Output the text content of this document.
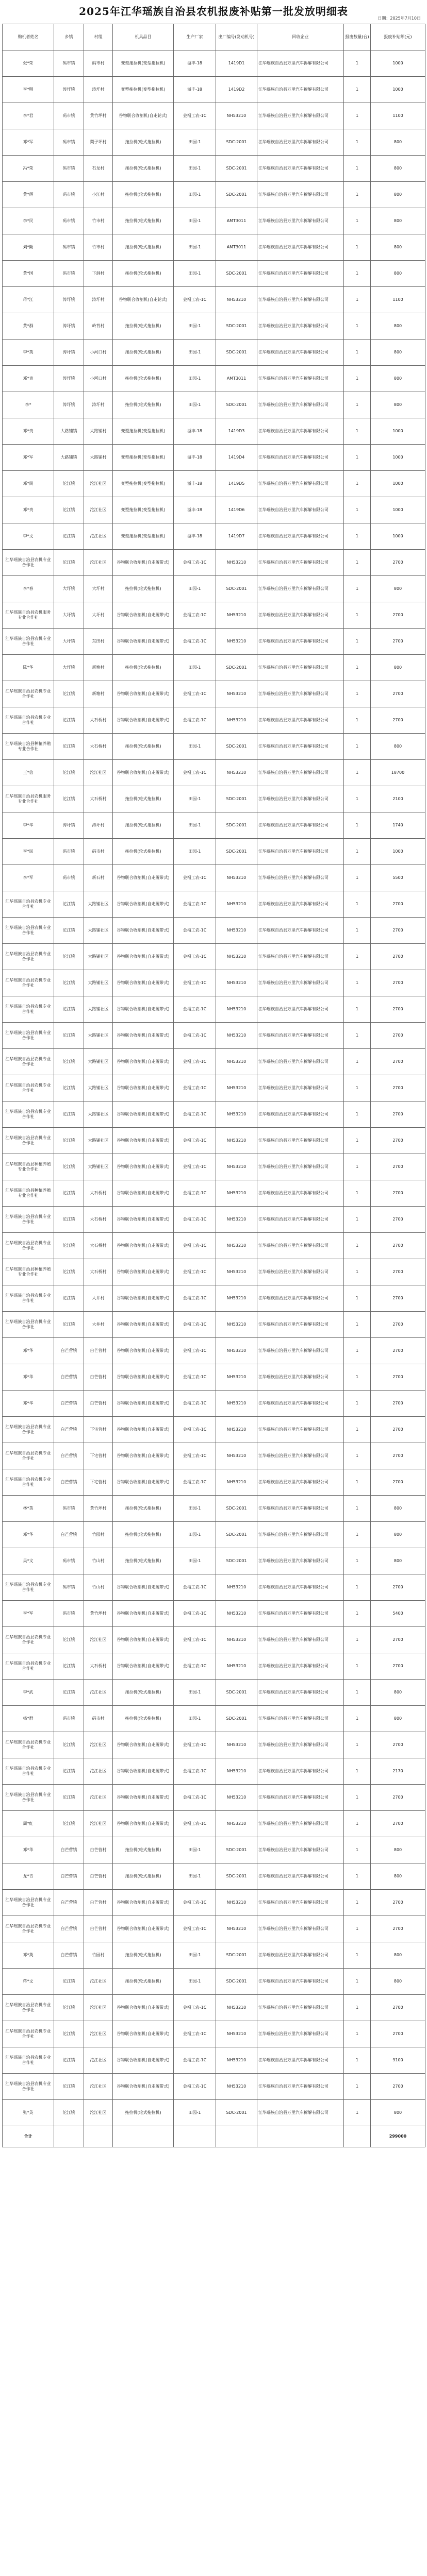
2025年江华瑶族自治县农机报废补贴第一批发放明细表
日期：2025年7月10日
购机者姓名	乡镇	村组	机具品目	生产厂家	出厂编号(发动机号)	回收企业	报废数量(台)	报废补贴额(元)
张*荣	码市镇	码市村	变型拖拉机(变型拖拉机)	溢丰-18	1419D1	江华瑶族自治县万里汽车拆解有限公司	1	1000
李*明	涛圩镇	涛圩村	变型拖拉机(变型拖拉机)	溢丰-18	1419D2	江华瑶族自治县万里汽车拆解有限公司	1	1000
李*君	码市镇	黄竹坪村	谷物联合收割机(自走轮式)	金福工农-1C	NH53210	江华瑶族自治县万里汽车拆解有限公司	1	1100
邓*军	码市镇	梨子坪村	拖拉机(轮式拖拉机)	田园-1	SDC-2001	江华瑶族自治县万里汽车拆解有限公司	1	800
冯*荣	码市镇	石龙村	拖拉机(轮式拖拉机)	田园-1	SDC-2001	江华瑶族自治县万里汽车拆解有限公司	1	800
黄*辉	码市镇	小江村	拖拉机(轮式拖拉机)	田园-1	SDC-2001	江华瑶族自治县万里汽车拆解有限公司	1	800
李*民	码市镇	竹市村	拖拉机(轮式拖拉机)	田园-1	AMT3011	江华瑶族自治县万里汽车拆解有限公司	1	800
刘*勤	码市镇	竹市村	拖拉机(轮式拖拉机)	田园-1	AMT3011	江华瑶族自治县万里汽车拆解有限公司	1	800
黄*国	码市镇	下洞村	拖拉机(轮式拖拉机)	田园-1	SDC-2001	江华瑶族自治县万里汽车拆解有限公司	1	800
蒋*江	涛圩镇	涛圩村	谷物联合收割机(自走轮式)	金福工农-1C	NH53210	江华瑶族自治县万里汽车拆解有限公司	1	1100
黄*群	涛圩镇	岭背村	拖拉机(轮式拖拉机)	田园-1	SDC-2001	江华瑶族自治县万里汽车拆解有限公司	1	800
李*英	涛圩镇	小河口村	拖拉机(轮式拖拉机)	田园-1	SDC-2001	江华瑶族自治县万里汽车拆解有限公司	1	800
邓*贵	涛圩镇	小河口村	拖拉机(轮式拖拉机)	田园-1	AMT3011	江华瑶族自治县万里汽车拆解有限公司	1	800
李*	涛圩镇	涛圩村	拖拉机(轮式拖拉机)	田园-1	SDC-2001	江华瑶族自治县万里汽车拆解有限公司	1	800
邓*贵	大路铺镇	大路铺村	变型拖拉机(变型拖拉机)	溢丰-18	1419D3	江华瑶族自治县万里汽车拆解有限公司	1	1000
邓*军	大路铺镇	大路铺村	变型拖拉机(变型拖拉机)	溢丰-18	1419D4	江华瑶族自治县万里汽车拆解有限公司	1	1000
邓*民	沱江镇	沱江社区	变型拖拉机(变型拖拉机)	溢丰-18	1419D5	江华瑶族自治县万里汽车拆解有限公司	1	1000
邓*贵	沱江镇	沱江社区	变型拖拉机(变型拖拉机)	溢丰-18	1419D6	江华瑶族自治县万里汽车拆解有限公司	1	1000
李*文	沱江镇	沱江社区	变型拖拉机(变型拖拉机)	溢丰-18	1419D7	江华瑶族自治县万里汽车拆解有限公司	1	1000
江华瑶族自治县农机专业合作社	沱江镇	沱江社区	谷物联合收割机(自走履带式)	金福工农-1C	NH53210	江华瑶族自治县万里汽车拆解有限公司	1	2700
李*春	大圩镇	大圩村	拖拉机(轮式拖拉机)	田园-1	SDC-2001	江华瑶族自治县万里汽车拆解有限公司	1	800
江华瑶族自治县农机服务专业合作社	大圩镇	大圩村	谷物联合收割机(自走履带式)	金福工农-1C	NH53210	江华瑶族自治县万里汽车拆解有限公司	1	2700
江华瑶族自治县农机专业合作社	大圩镇	东田村	谷物联合收割机(自走履带式)	金福工农-1C	NH53210	江华瑶族自治县万里汽车拆解有限公司	1	2700
陈*华	大圩镇	新塘村	拖拉机(轮式拖拉机)	田园-1	SDC-2001	江华瑶族自治县万里汽车拆解有限公司	1	800
江华瑶族自治县农机专业合作社	沱江镇	新塘村	谷物联合收割机(自走履带式)	金福工农-1C	NH53210	江华瑶族自治县万里汽车拆解有限公司	1	2700
江华瑶族自治县农机专业合作社	沱江镇	大石桥村	谷物联合收割机(自走履带式)	金福工农-1C	NH53210	江华瑶族自治县万里汽车拆解有限公司	1	2700
江华瑶族自治县种植养殖专业合作社	沱江镇	大石桥村	拖拉机(轮式拖拉机)	田园-1	SDC-2001	江华瑶族自治县万里汽车拆解有限公司	1	800
王*信	沱江镇	沱江社区	谷物联合收割机(自走履带式)	金福工农-1C	NH53210	江华瑶族自治县万里汽车拆解有限公司	1	18700
江华瑶族自治县农机服务专业合作社	沱江镇	大石桥村	拖拉机(轮式拖拉机)	田园-1	SDC-2001	江华瑶族自治县万里汽车拆解有限公司	1	2100
李*华	涛圩镇	涛圩村	拖拉机(轮式拖拉机)	田园-1	SDC-2001	江华瑶族自治县万里汽车拆解有限公司	1	1740
李*民	码市镇	码市村	拖拉机(轮式拖拉机)	田园-1	SDC-2001	江华瑶族自治县万里汽车拆解有限公司	1	1000
李*军	码市镇	新石村	谷物联合收割机(自走履带式)	金福工农-1C	NH53210	江华瑶族自治县万里汽车拆解有限公司	1	5500
江华瑶族自治县农机专业合作社	沱江镇	大路铺社区	谷物联合收割机(自走履带式)	金福工农-1C	NH53210	江华瑶族自治县万里汽车拆解有限公司	1	2700
江华瑶族自治县农机专业合作社	沱江镇	大路铺社区	谷物联合收割机(自走履带式)	金福工农-1C	NH53210	江华瑶族自治县万里汽车拆解有限公司	1	2700
江华瑶族自治县农机专业合作社	沱江镇	大路铺社区	谷物联合收割机(自走履带式)	金福工农-1C	NH53210	江华瑶族自治县万里汽车拆解有限公司	1	2700
江华瑶族自治县农机专业合作社	沱江镇	大路铺社区	谷物联合收割机(自走履带式)	金福工农-1C	NH53210	江华瑶族自治县万里汽车拆解有限公司	1	2700
江华瑶族自治县农机专业合作社	沱江镇	大路铺社区	谷物联合收割机(自走履带式)	金福工农-1C	NH53210	江华瑶族自治县万里汽车拆解有限公司	1	2700
江华瑶族自治县农机专业合作社	沱江镇	大路铺社区	谷物联合收割机(自走履带式)	金福工农-1C	NH53210	江华瑶族自治县万里汽车拆解有限公司	1	2700
江华瑶族自治县农机专业合作社	沱江镇	大路铺社区	谷物联合收割机(自走履带式)	金福工农-1C	NH53210	江华瑶族自治县万里汽车拆解有限公司	1	2700
江华瑶族自治县农机专业合作社	沱江镇	大路铺社区	谷物联合收割机(自走履带式)	金福工农-1C	NH53210	江华瑶族自治县万里汽车拆解有限公司	1	2700
江华瑶族自治县农机专业合作社	沱江镇	大路铺社区	谷物联合收割机(自走履带式)	金福工农-1C	NH53210	江华瑶族自治县万里汽车拆解有限公司	1	2700
江华瑶族自治县农机专业合作社	沱江镇	大路铺社区	谷物联合收割机(自走履带式)	金福工农-1C	NH53210	江华瑶族自治县万里汽车拆解有限公司	1	2700
江华瑶族自治县种植养殖专业合作社	沱江镇	大路铺社区	谷物联合收割机(自走履带式)	金福工农-1C	NH53210	江华瑶族自治县万里汽车拆解有限公司	1	2700
江华瑶族自治县种植养殖专业合作社	沱江镇	大石桥村	谷物联合收割机(自走履带式)	金福工农-1C	NH53210	江华瑶族自治县万里汽车拆解有限公司	1	2700
江华瑶族自治县农机专业合作社	沱江镇	大石桥村	谷物联合收割机(自走履带式)	金福工农-1C	NH53210	江华瑶族自治县万里汽车拆解有限公司	1	2700
江华瑶族自治县农机专业合作社	沱江镇	大石桥村	谷物联合收割机(自走履带式)	金福工农-1C	NH53210	江华瑶族自治县万里汽车拆解有限公司	1	2700
江华瑶族自治县种植养殖专业合作社	沱江镇	大石桥村	谷物联合收割机(自走履带式)	金福工农-1C	NH53210	江华瑶族自治县万里汽车拆解有限公司	1	2700
江华瑶族自治县农机专业合作社	沱江镇	大井村	谷物联合收割机(自走履带式)	金福工农-1C	NH53210	江华瑶族自治县万里汽车拆解有限公司	1	2700
江华瑶族自治县农机专业合作社	沱江镇	大井村	谷物联合收割机(自走履带式)	金福工农-1C	NH53210	江华瑶族自治县万里汽车拆解有限公司	1	2700
邓*华	白芒营镇	白芒营村	谷物联合收割机(自走履带式)	金福工农-1C	NH53210	江华瑶族自治县万里汽车拆解有限公司	1	2700
邓*华	白芒营镇	白芒营村	谷物联合收割机(自走履带式)	金福工农-1C	NH53210	江华瑶族自治县万里汽车拆解有限公司	1	2700
邓*华	白芒营镇	白芒营村	谷物联合收割机(自走履带式)	金福工农-1C	NH53210	江华瑶族自治县万里汽车拆解有限公司	1	2700
江华瑶族自治县农机专业合作社	白芒营镇	下宅营村	谷物联合收割机(自走履带式)	金福工农-1C	NH53210	江华瑶族自治县万里汽车拆解有限公司	1	2700
江华瑶族自治县农机专业合作社	白芒营镇	下宅营村	谷物联合收割机(自走履带式)	金福工农-1C	NH53210	江华瑶族自治县万里汽车拆解有限公司	1	2700
江华瑶族自治县农机专业合作社	白芒营镇	下宅营村	谷物联合收割机(自走履带式)	金福工农-1C	NH53210	江华瑶族自治县万里汽车拆解有限公司	1	2700
林*英	码市镇	黄竹坪村	拖拉机(轮式拖拉机)	田园-1	SDC-2001	江华瑶族自治县万里汽车拆解有限公司	1	800
邓*华	白芒营镇	竹园村	拖拉机(轮式拖拉机)	田园-1	SDC-2001	江华瑶族自治县万里汽车拆解有限公司	1	800
吴*文	码市镇	竹山村	拖拉机(轮式拖拉机)	田园-1	SDC-2001	江华瑶族自治县万里汽车拆解有限公司	1	800
江华瑶族自治县农机专业合作社	码市镇	竹山村	谷物联合收割机(自走履带式)	金福工农-1C	NH53210	江华瑶族自治县万里汽车拆解有限公司	1	2700
李*军	码市镇	黄竹坪村	谷物联合收割机(自走履带式)	金福工农-1C	NH53210	江华瑶族自治县万里汽车拆解有限公司	1	5400
江华瑶族自治县农机专业合作社	沱江镇	沱江社区	谷物联合收割机(自走履带式)	金福工农-1C	NH53210	江华瑶族自治县万里汽车拆解有限公司	1	2700
江华瑶族自治县农机专业合作社	沱江镇	大石桥村	谷物联合收割机(自走履带式)	金福工农-1C	NH53210	江华瑶族自治县万里汽车拆解有限公司	1	2700
李*武	沱江镇	沱江社区	拖拉机(轮式拖拉机)	田园-1	SDC-2001	江华瑶族自治县万里汽车拆解有限公司	1	800
杨*群	码市镇	码市村	拖拉机(轮式拖拉机)	田园-1	SDC-2001	江华瑶族自治县万里汽车拆解有限公司	1	800
江华瑶族自治县农机专业合作社	沱江镇	沱江社区	谷物联合收割机(自走履带式)	金福工农-1C	NH53210	江华瑶族自治县万里汽车拆解有限公司	1	2700
江华瑶族自治县农机专业合作社	沱江镇	沱江社区	谷物联合收割机(自走履带式)	金福工农-1C	NH53210	江华瑶族自治县万里汽车拆解有限公司	1	2170
江华瑶族自治县农机专业合作社	沱江镇	沱江社区	谷物联合收割机(自走履带式)	金福工农-1C	NH53210	江华瑶族自治县万里汽车拆解有限公司	1	2700
周*红	沱江镇	沱江社区	谷物联合收割机(自走履带式)	金福工农-1C	NH53210	江华瑶族自治县万里汽车拆解有限公司	1	2700
邓*华	白芒营镇	白芒营村	拖拉机(轮式拖拉机)	田园-1	SDC-2001	江华瑶族自治县万里汽车拆解有限公司	1	800
龙*青	白芒营镇	白芒营村	拖拉机(轮式拖拉机)	田园-1	SDC-2001	江华瑶族自治县万里汽车拆解有限公司	1	800
江华瑶族自治县农机专业合作社	白芒营镇	白芒营村	谷物联合收割机(自走履带式)	金福工农-1C	NH53210	江华瑶族自治县万里汽车拆解有限公司	1	2700
江华瑶族自治县农机专业合作社	白芒营镇	白芒营村	谷物联合收割机(自走履带式)	金福工农-1C	NH53210	江华瑶族自治县万里汽车拆解有限公司	1	2700
邓*英	白芒营镇	竹园村	拖拉机(轮式拖拉机)	田园-1	SDC-2001	江华瑶族自治县万里汽车拆解有限公司	1	800
蒋*文	沱江镇	沱江社区	拖拉机(轮式拖拉机)	田园-1	SDC-2001	江华瑶族自治县万里汽车拆解有限公司	1	800
江华瑶族自治县农机专业合作社	沱江镇	沱江社区	谷物联合收割机(自走履带式)	金福工农-1C	NH53210	江华瑶族自治县万里汽车拆解有限公司	1	2700
江华瑶族自治县农机专业合作社	沱江镇	沱江社区	谷物联合收割机(自走履带式)	金福工农-1C	NH53210	江华瑶族自治县万里汽车拆解有限公司	1	2700
江华瑶族自治县农机专业合作社	沱江镇	沱江社区	谷物联合收割机(自走履带式)	金福工农-1C	NH53210	江华瑶族自治县万里汽车拆解有限公司	1	9100
江华瑶族自治县农机专业合作社	沱江镇	沱江社区	谷物联合收割机(自走履带式)	金福工农-1C	NH53210	江华瑶族自治县万里汽车拆解有限公司	1	2700
张*英	沱江镇	沱江社区	拖拉机(轮式拖拉机)	田园-1	SDC-2001	江华瑶族自治县万里汽车拆解有限公司	1	800
合计								299000
